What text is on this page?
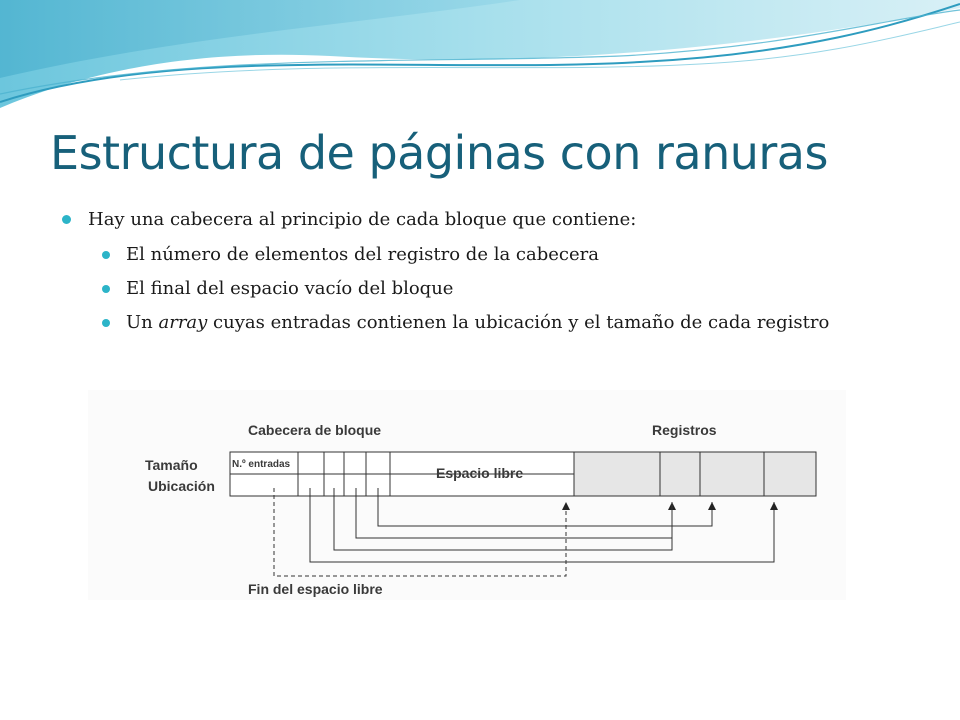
Estructura de páginas con ranuras
Hay una cabecera al principio de cada bloque que contiene:
El número de elementos del registro de la cabecera
El final del espacio vacío del bloque
Un array cuyas entradas contienen la ubicación y el tamaño de cada registro
Cabecera de bloque	Registros
Tamaño
Ubicación
N.º entradas
Espacio libre
Fin del espacio libre
